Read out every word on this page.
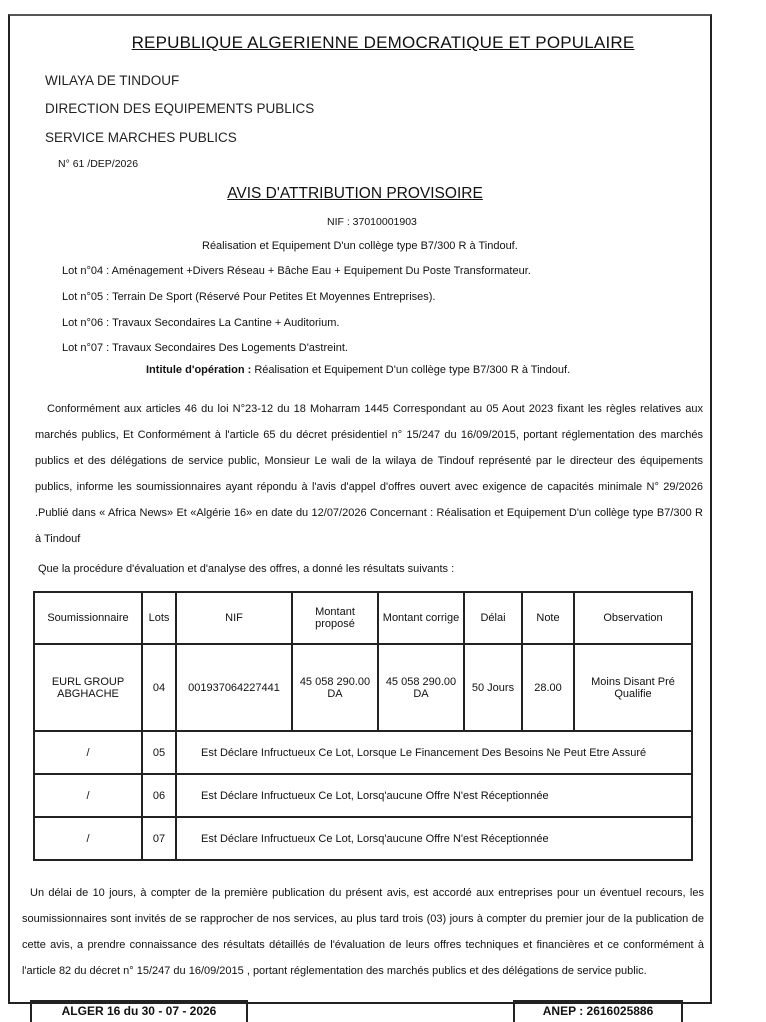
REPUBLIQUE ALGERIENNE DEMOCRATIQUE ET POPULAIRE
WILAYA DE TINDOUF
DIRECTION DES EQUIPEMENTS PUBLICS
SERVICE MARCHES PUBLICS
N° 61 /DEP/2026
AVIS D'ATTRIBUTION PROVISOIRE
NIF : 37010001903
Réalisation et Equipement D'un collège type B7/300 R à Tindouf.
Lot n°04 : Aménagement +Divers Réseau + Bâche Eau + Equipement Du Poste Transformateur.
Lot n°05 : Terrain De Sport (Réservé Pour Petites Et Moyennes Entreprises).
Lot n°06 : Travaux Secondaires La Cantine + Auditorium.
Lot n°07 : Travaux Secondaires Des Logements D'astreint.
Intitule d'opération : Réalisation et Equipement D'un collège type B7/300 R à Tindouf.
Conformément aux articles 46 du loi N°23-12 du 18 Moharram 1445 Correspondant au 05 Aout 2023 fixant les règles relatives aux marchés publics, Et Conformément à l'article 65 du décret présidentiel n° 15/247 du 16/09/2015, portant réglementation des marchés publics et des délégations de service public, Monsieur Le wali de la wilaya de Tindouf représenté par le directeur des équipements publics, informe les soumissionnaires ayant répondu à l'avis d'appel d'offres ouvert avec exigence de capacités minimale N° 29/2026 .Publié dans « Africa News» Et «Algérie 16» en date du 12/07/2026 Concernant : Réalisation et Equipement D'un collège type B7/300 R à Tindouf
Que la procédure d'évaluation et d'analyse des offres, a donné les résultats suivants :
Soumissionnaire	Lots	NIF	Montant proposé	Montant corrige	Délai	Note	Observation
EURL GROUP ABGHACHE	04	001937064227441	45 058 290.00 DA	45 058 290.00 DA	50 Jours	28.00	Moins Disant Pré Qualifie
/	05	Est Déclare Infructueux Ce Lot, Lorsque Le Financement Des Besoins Ne Peut Etre Assuré					
/	06	Est Déclare Infructueux Ce Lot, Lorsq'aucune Offre N'est Réceptionnée					
/	07	Est Déclare Infructueux Ce Lot, Lorsq'aucune Offre N'est Réceptionnée					
Un délai de 10 jours, à compter de la première publication du présent avis, est accordé aux entreprises pour un éventuel recours, les soumissionnaires sont invités de se rapprocher de nos services, au plus tard trois (03) jours à compter du premier jour de la publication de cette avis, a prendre connaissance des résultats détaillés de l'évaluation de leurs offres techniques et financières et ce conformément à l'article 82 du décret n° 15/247 du 16/09/2015 , portant réglementation des marchés publics et des délégations de service public.
ALGER 16 du 30 - 07 - 2026	ANEP : 2616025886
